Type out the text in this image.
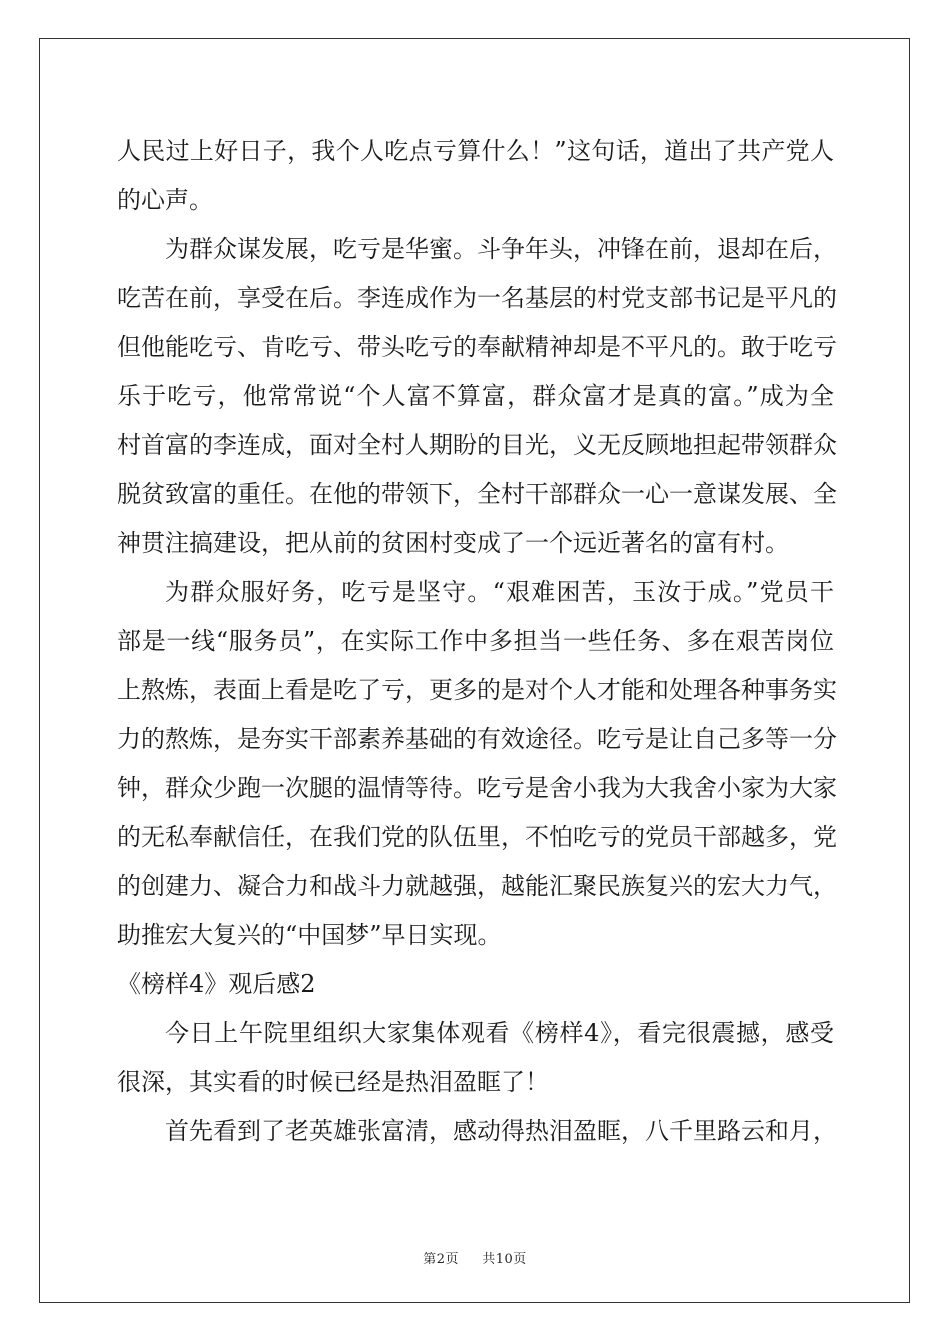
人民过上好日子，我个人吃点亏算什么！”这句话，道出了共产党人
的心声。
为群众谋发展，吃亏是华蜜。斗争年头，冲锋在前，退却在后，
吃苦在前，享受在后。李连成作为一名基层的村党支部书记是平凡的
但他能吃亏、肯吃亏、带头吃亏的奉献精神却是不平凡的。敢于吃亏
乐于吃亏，他常常说“个人富不算富，群众富才是真的富。”成为全
村首富的李连成，面对全村人期盼的目光，义无反顾地担起带领群众
脱贫致富的重任。在他的带领下，全村干部群众一心一意谋发展、全
神贯注搞建设，把从前的贫困村变成了一个远近著名的富有村。
为群众服好务，吃亏是坚守。“艰难困苦，玉汝于成。”党员干
部是一线“服务员”，在实际工作中多担当一些任务、多在艰苦岗位
上熬炼，表面上看是吃了亏，更多的是对个人才能和处理各种事务实
力的熬炼，是夯实干部素养基础的有效途径。吃亏是让自己多等一分
钟，群众少跑一次腿的温情等待。吃亏是舍小我为大我舍小家为大家
的无私奉献信任，在我们党的队伍里，不怕吃亏的党员干部越多，党
的创建力、凝合力和战斗力就越强，越能汇聚民族复兴的宏大力气，
助推宏大复兴的“中国梦”早日实现。
《榜样4》观后感2
今日上午院里组织大家集体观看《榜样4》，看完很震撼，感受
很深，其实看的时候已经是热泪盈眶了！
首先看到了老英雄张富清，感动得热泪盈眶，八千里路云和月，
第2页 共10页
